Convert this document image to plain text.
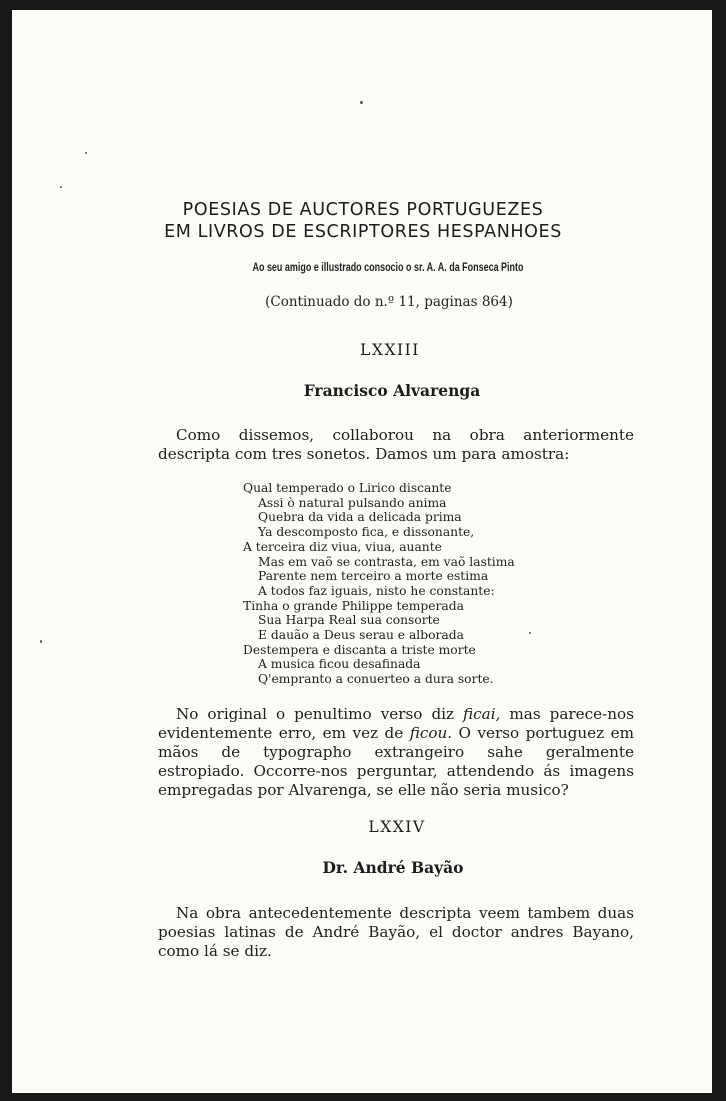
POESIAS DE AUCTORES PORTUGUEZES
EM LIVROS DE ESCRIPTORES HESPANHOES
Ao seu amigo e illustrado consocio o sr. A. A. da Fonseca Pinto
(Continuado do n.º 11, paginas 864)
LXXIII
Francisco Alvarenga
Como dissemos, collaborou na obra anteriormente descripta com tres sonetos. Damos um para amostra:
Qual temperado o Lirico discante
Assi ò natural pulsando anima
Quebra da vida a delicada prima
Ya descomposto fica, e dissonante,
A terceira diz viua, viua, auante
Mas em vaõ se contrasta, em vaõ lastima
Parente nem terceiro a morte estima
A todos faz iguais, nisto he constante:
Tinha o grande Philippe temperada
Sua Harpa Real sua consorte
E dauão a Deus serau e alborada
Destempera e discanta a triste morte
A musica ficou desafinada
Q'empranto a conuerteo a dura sorte.
No original o penultimo verso diz ficai, mas parece-nos evidentemente erro, em vez de ficou. O verso portuguez em mãos de typographo extrangeiro sahe geralmente estropiado. Occorre-nos perguntar, attendendo ás imagens empregadas por Alvarenga, se elle não seria musico?
LXXIV
Dr. André Bayão
Na obra antecedentemente descripta veem tambem duas poesias latinas de André Bayão, el doctor andres Bayano, como lá se diz.
